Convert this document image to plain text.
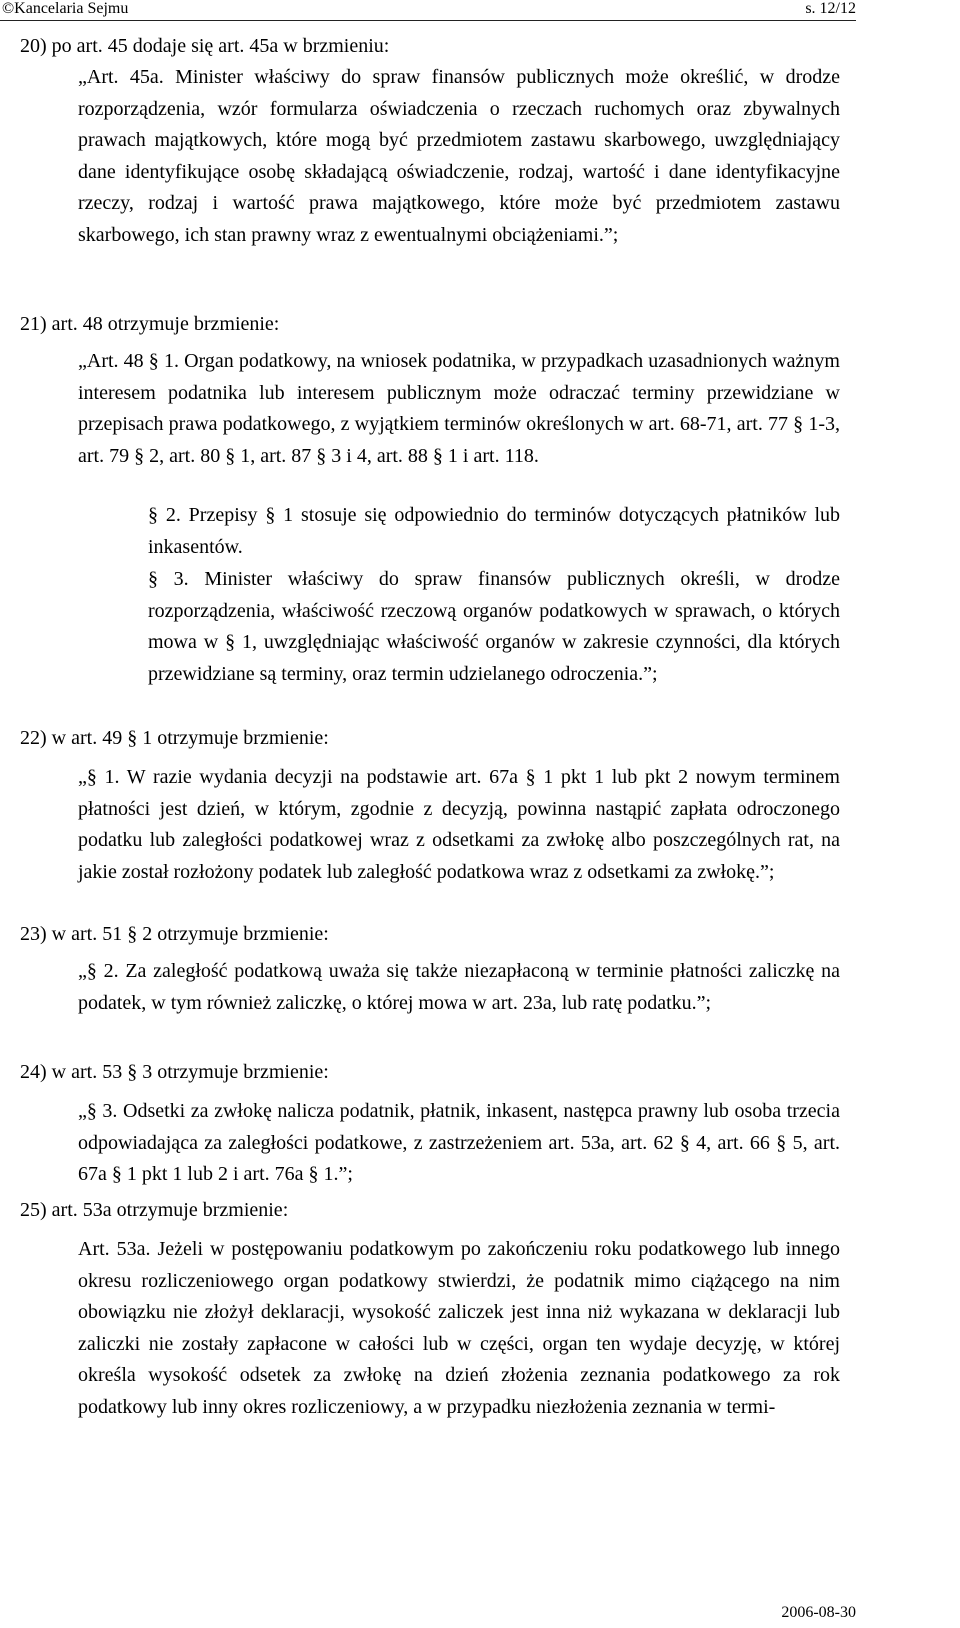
©Kancelaria Sejmu	s. 12/12
20) po art. 45 dodaje się art. 45a w brzmieniu:

„Art. 45a. Minister właściwy do spraw finansów publicznych może określić, w drodze rozporządzenia, wzór formularza oświadczenia o rzeczach ruchomych oraz zbywalnych prawach majątkowych, które mogą być przedmiotem zastawu skarbowego, uwzględniający dane identyfikujące osobę składającą oświadczenie, rodzaj, wartość i dane identyfikacyjne rzeczy, rodzaj i wartość prawa majątkowego, które może być przedmiotem zastawu skarbowego, ich stan prawny wraz z ewentualnymi obciążeniami.”;

21) art. 48 otrzymuje brzmienie:

„Art. 48 § 1. Organ podatkowy, na wniosek podatnika, w przypadkach uzasadnionych ważnym interesem podatnika lub interesem publicznym może odraczać terminy przewidziane w przepisach prawa podatkowego, z wyjątkiem terminów określonych w art. 68-71, art. 77 § 1-3, art. 79 § 2, art. 80 § 1, art. 87 § 3 i 4, art. 88 § 1 i art. 118.

§ 2. Przepisy § 1 stosuje się odpowiednio do terminów dotyczących płatników lub inkasentów.

§ 3. Minister właściwy do spraw finansów publicznych określi, w drodze rozporządzenia, właściwość rzeczową organów podatkowych w sprawach, o których mowa w § 1, uwzględniając właściwość organów w zakresie czynności, dla których przewidziane są terminy, oraz termin udzielanego odroczenia.”;

22) w art. 49 § 1 otrzymuje brzmienie:

„§ 1. W razie wydania decyzji na podstawie art. 67a § 1 pkt 1 lub pkt 2 nowym terminem płatności jest dzień, w którym, zgodnie z decyzją, powinna nastąpić zapłata odroczonego podatku lub zaległości podatkowej wraz z odsetkami za zwłokę albo poszczególnych rat, na jakie został rozłożony podatek lub zaległość podatkowa wraz z odsetkami za zwłokę.”;

23) w art. 51 § 2 otrzymuje brzmienie:

„§ 2. Za zaległość podatkową uważa się także niezapłaconą w terminie płatności zaliczkę na podatek, w tym również zaliczkę, o której mowa w art. 23a, lub ratę podatku.”;

24) w art. 53 § 3 otrzymuje brzmienie:

„§ 3. Odsetki za zwłokę nalicza podatnik, płatnik, inkasent, następca prawny lub osoba trzecia odpowiadająca za zaległości podatkowe, z zastrzeżeniem art. 53a, art. 62 § 4, art. 66 § 5, art. 67a § 1 pkt 1 lub 2 i art. 76a § 1.”;

25) art. 53a otrzymuje brzmienie:

Art. 53a. Jeżeli w postępowaniu podatkowym po zakończeniu roku podatkowego lub innego okresu rozliczeniowego organ podatkowy stwierdzi, że podatnik mimo ciążącego na nim obowiązku nie złożył deklaracji, wysokość zaliczek jest inna niż wykazana w deklaracji lub zaliczki nie zostały zapłacone w całości lub w części, organ ten wydaje decyzję, w której określa wysokość odsetek za zwłokę na dzień złożenia zeznania podatkowego za rok podatkowy lub inny okres rozliczeniowy, a w przypadku niezłożenia zeznania w termi-

2006-08-30
